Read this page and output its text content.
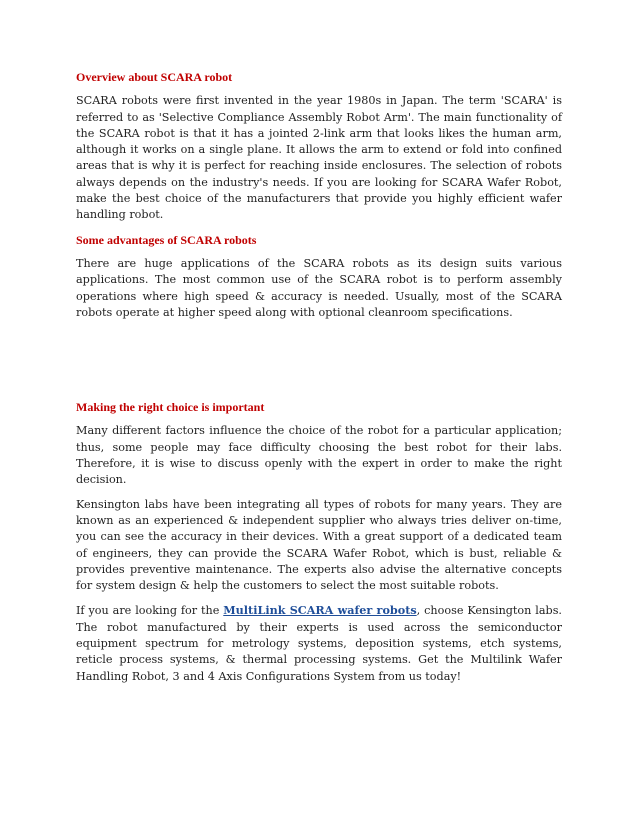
Overview about SCARA robot

SCARA robots were first invented in the year 1980s in Japan. The term 'SCARA' is referred to as 'Selective Compliance Assembly Robot Arm'. The main functionality of the SCARA robot is that it has a jointed 2-link arm that looks likes the human arm, although it works on a single plane. It allows the arm to extend or fold into confined areas that is why it is perfect for reaching inside enclosures. The selection of robots always depends on the industry's needs. If you are looking for SCARA Wafer Robot, make the best choice of the manufacturers that provide you highly efficient wafer handling robot.

Some advantages of SCARA robots

There are huge applications of the SCARA robots as its design suits various applications. The most common use of the SCARA robot is to perform assembly operations where high speed & accuracy is needed. Usually, most of the SCARA robots operate at higher speed along with optional cleanroom specifications.

Making the right choice is important

Many different factors influence the choice of the robot for a particular application; thus, some people may face difficulty choosing the best robot for their labs. Therefore, it is wise to discuss openly with the expert in order to make the right decision.

Kensington labs have been integrating all types of robots for many years. They are known as an experienced & independent supplier who always tries deliver on-time, you can see the accuracy in their devices. With a great support of a dedicated team of engineers, they can provide the SCARA Wafer Robot, which is bust, reliable & provides preventive maintenance. The experts also advise the alternative concepts for system design & help the customers to select the most suitable robots.

If you are looking for the MultiLink SCARA wafer robots, choose Kensington labs. The robot manufactured by their experts is used across the semiconductor equipment spectrum for metrology systems, deposition systems, etch systems, reticle process systems, & thermal processing systems. Get the Multilink Wafer Handling Robot, 3 and 4 Axis Configurations System from us today!
